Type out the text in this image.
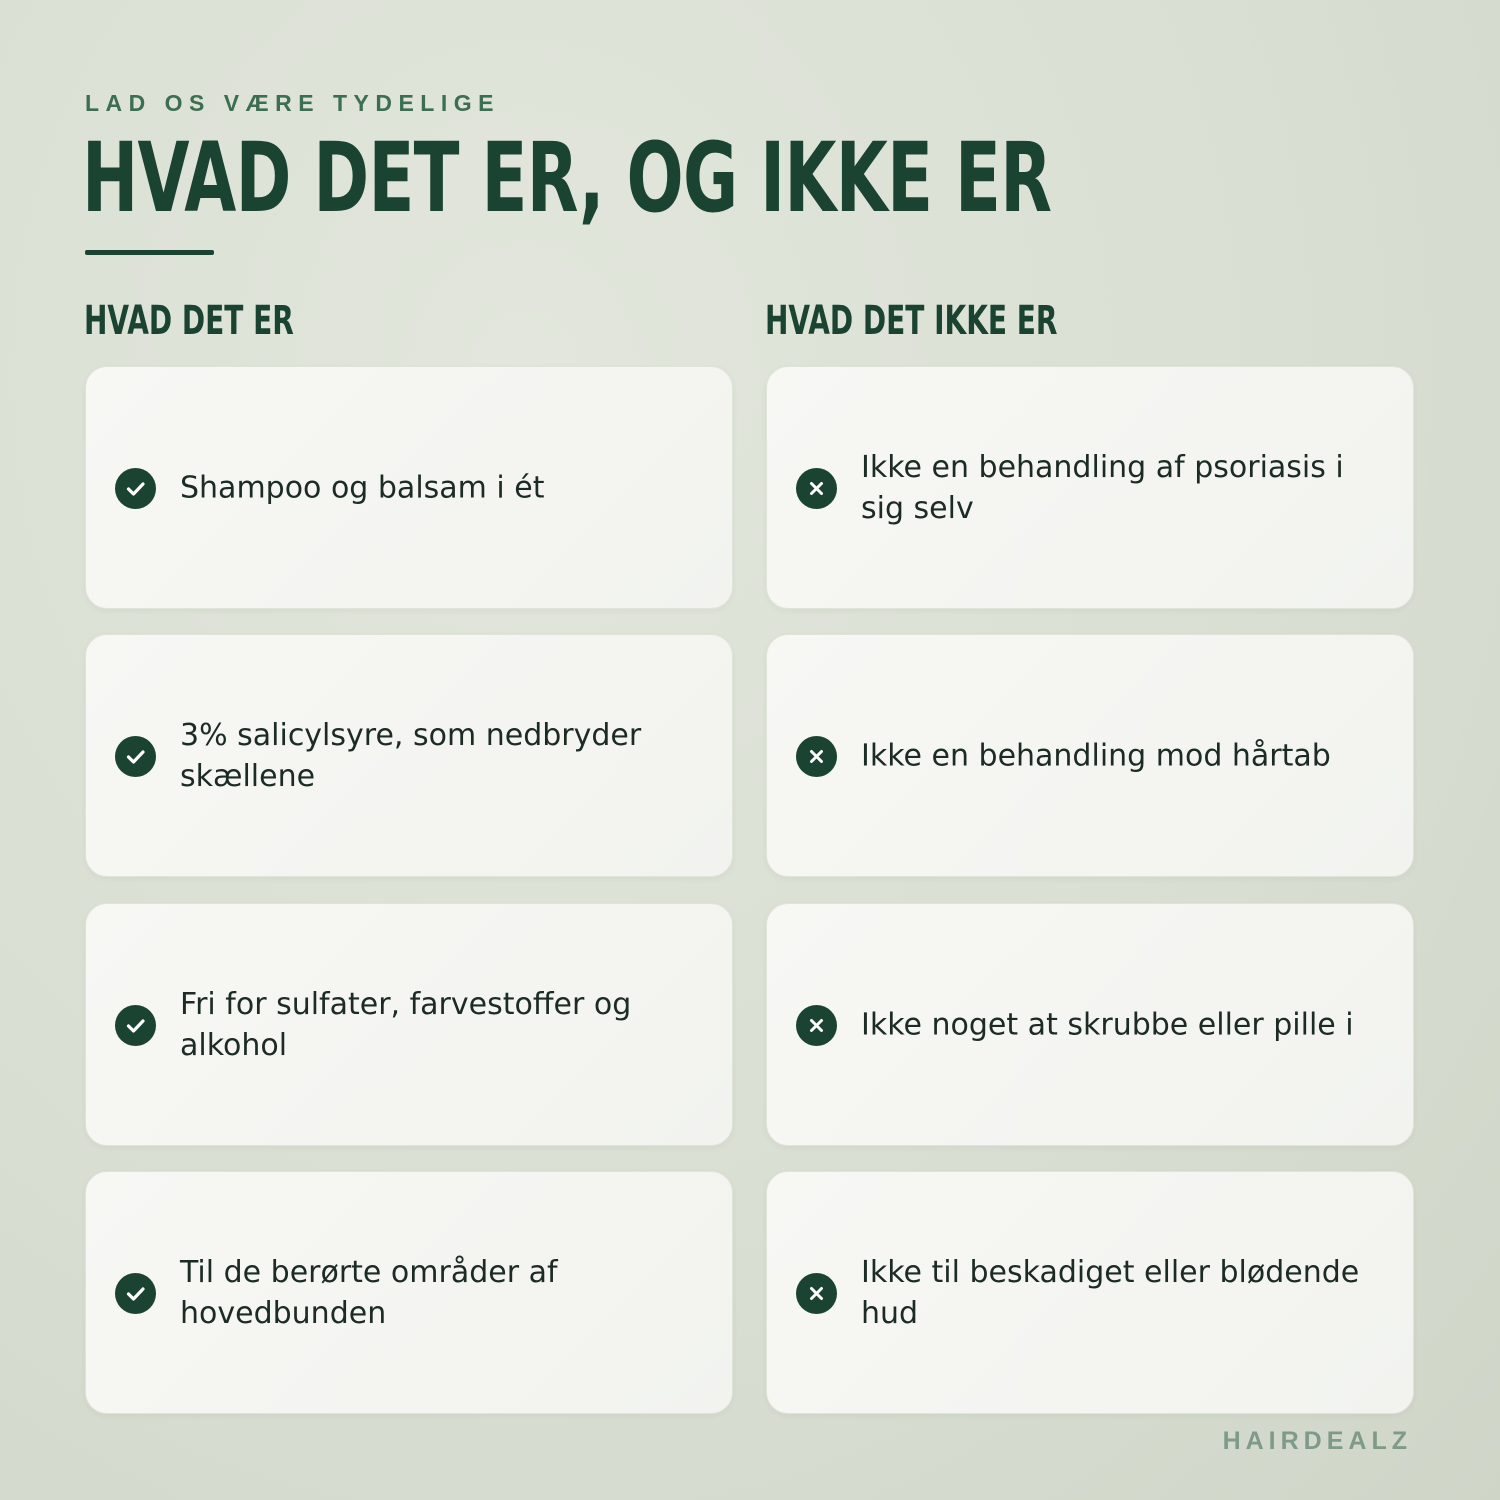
LAD OS VÆRE TYDELIGE
HVAD DET ER, OG IKKE ER
HVAD DET ER	HVAD DET IKKE ER
Shampoo og balsam i ét
3% salicylsyre, som nedbryder skællene
Fri for sulfater, farvestoffer og alkohol
Til de berørte områder af hovedbunden
Ikke en behandling af psoriasis i sig selv
Ikke en behandling mod hårtab
Ikke noget at skrubbe eller pille i
Ikke til beskadiget eller blødende hud
HAIRDEALZ
